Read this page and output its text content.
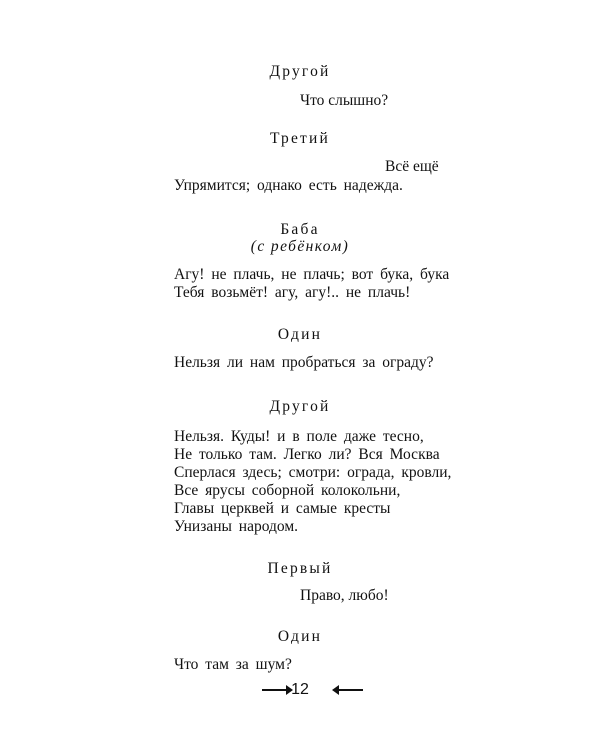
Другой
Что слышно?
Третий
Всё ещё
Упрямится; однако есть надежда.
Баба
(с ребёнком)
Агу! не плачь, не плачь; вот бука, бука
Тебя возьмёт! агу, агу!.. не плачь!
Один
Нельзя ли нам пробраться за ограду?
Другой
Нельзя. Куды! и в поле даже тесно,
Не только там. Легко ли? Вся Москва
Сперлася здесь; смотри: ограда, кровли,
Все ярусы соборной колокольни,
Главы церквей и самые кресты
Унизаны народом.
Первый
Право, любо!
Один
Что там за шум?
12
